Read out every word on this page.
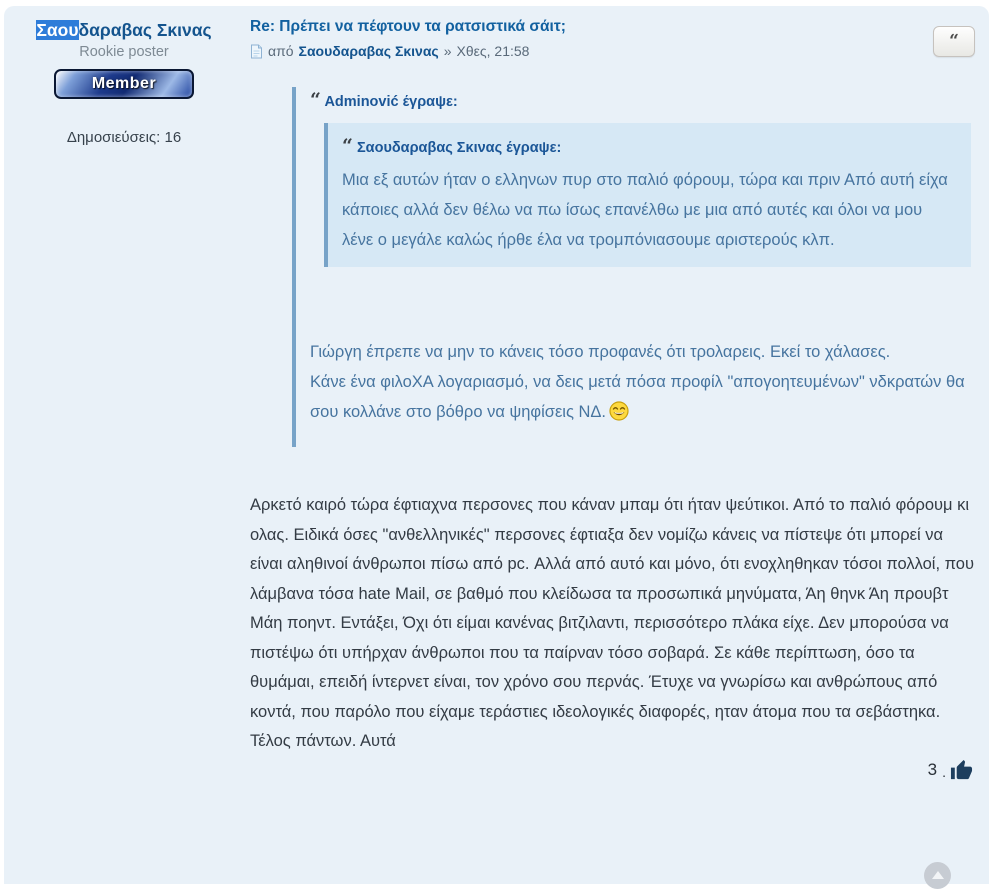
Σαουδαραβας Σκινας
Rookie poster
Member
Δημοσιεύσεις: 16
Re: Πρέπει να πέφτουν τα ρατσιστικά σάιτ;
από Σαουδαραβας Σκινας » Χθες, 21:58	“
“ Adminović έγραψε:
“ Σαουδαραβας Σκινας έγραψε:
Μια εξ αυτών ήταν ο ελληνων πυρ στο παλιό φόρουμ, τώρα και πριν Από αυτή είχα κάποιες αλλά δεν θέλω να πω ίσως επανέλθω με μια από αυτές και όλοι να μου λένε ο μεγάλε καλώς ήρθε έλα να τρομπόνιασουμε αριστερούς κλπ.
Γιώργη έπρεπε να μην το κάνεις τόσο προφανές ότι τρολαρεις. Εκεί το χάλασες.
Κάνε ένα φιλοΧΑ λογαριασμό, να δεις μετά πόσα προφίλ "απογοητευμένων" νδκρατών θα σου κολλάνε στο βόθρο να ψηφίσεις ΝΔ.
Αρκετό καιρό τώρα έφτιαχνα περσονες που κάναν μπαμ ότι ήταν ψεύτικοι. Από το παλιό φόρουμ κι ολας. Ειδικά όσες "ανθελληνικές" περσονες έφτιαξα δεν νομίζω κάνεις να πίστεψε ότι μπορεί να είναι αληθινοί άνθρωποι πίσω από pc. Αλλά από αυτό και μόνο, ότι ενοχληθηκαν τόσοι πολλοί, που λάμβανα τόσα hate Mail, σε βαθμό που κλείδωσα τα προσωπικά μηνύματα, Άη θηνκ Άη προυβτ Μάη ποηντ. Εντάξει, Όχι ότι είμαι κανένας βιτζιλαντι, περισσότερο πλάκα είχε. Δεν μπορούσα να πιστέψω ότι υπήρχαν άνθρωποι που τα παίρναν τόσο σοβαρά. Σε κάθε περίπτωση, όσο τα θυμάμαι, επειδή ίντερνετ είναι, τον χρόνο σου περνάς. Έτυχε να γνωρίσω και ανθρώπους από κοντά, που παρόλο που είχαμε τεράστιες ιδεολογικές διαφορές, ηταν άτομα που τα σεβάστηκα. Τέλος πάντων. Αυτά
3 .
